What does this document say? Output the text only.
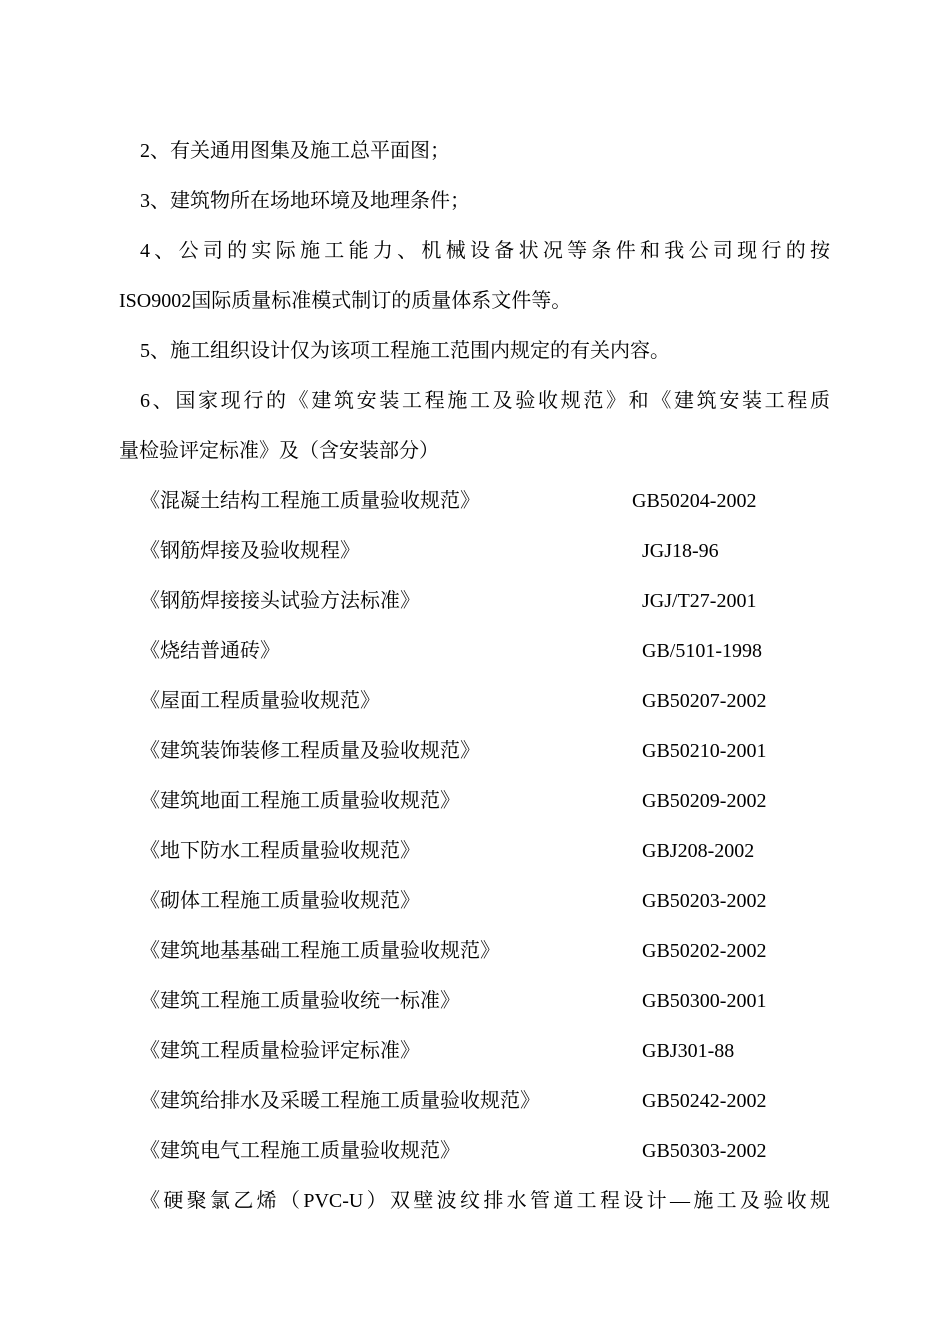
2、有关通用图集及施工总平面图；
3、建筑物所在场地环境及地理条件；
4、公司的实际施工能力、机械设备状况等条件和我公司现行的按
ISO9002国际质量标准模式制订的质量体系文件等。
5、施工组织设计仅为该项工程施工范围内规定的有关内容。
6、国家现行的《建筑安装工程施工及验收规范》和《建筑安装工程质
量检验评定标准》及（含安装部分）
《混凝土结构工程施工质量验收规范》	GB50204-2002
《钢筋焊接及验收规程》	JGJ18-96
《钢筋焊接接头试验方法标准》	JGJ/T27-2001
《烧结普通砖》	GB/5101-1998
《屋面工程质量验收规范》	GB50207-2002
《建筑装饰装修工程质量及验收规范》	GB50210-2001
《建筑地面工程施工质量验收规范》	GB50209-2002
《地下防水工程质量验收规范》	GBJ208-2002
《砌体工程施工质量验收规范》	GB50203-2002
《建筑地基基础工程施工质量验收规范》	GB50202-2002
《建筑工程施工质量验收统一标准》	GB50300-2001
《建筑工程质量检验评定标准》	GBJ301-88
《建筑给排水及采暖工程施工质量验收规范》	GB50242-2002
《建筑电气工程施工质量验收规范》	GB50303-2002
《硬聚氯乙烯（PVC-U）双壁波纹排水管道工程设计—施工及验收规
